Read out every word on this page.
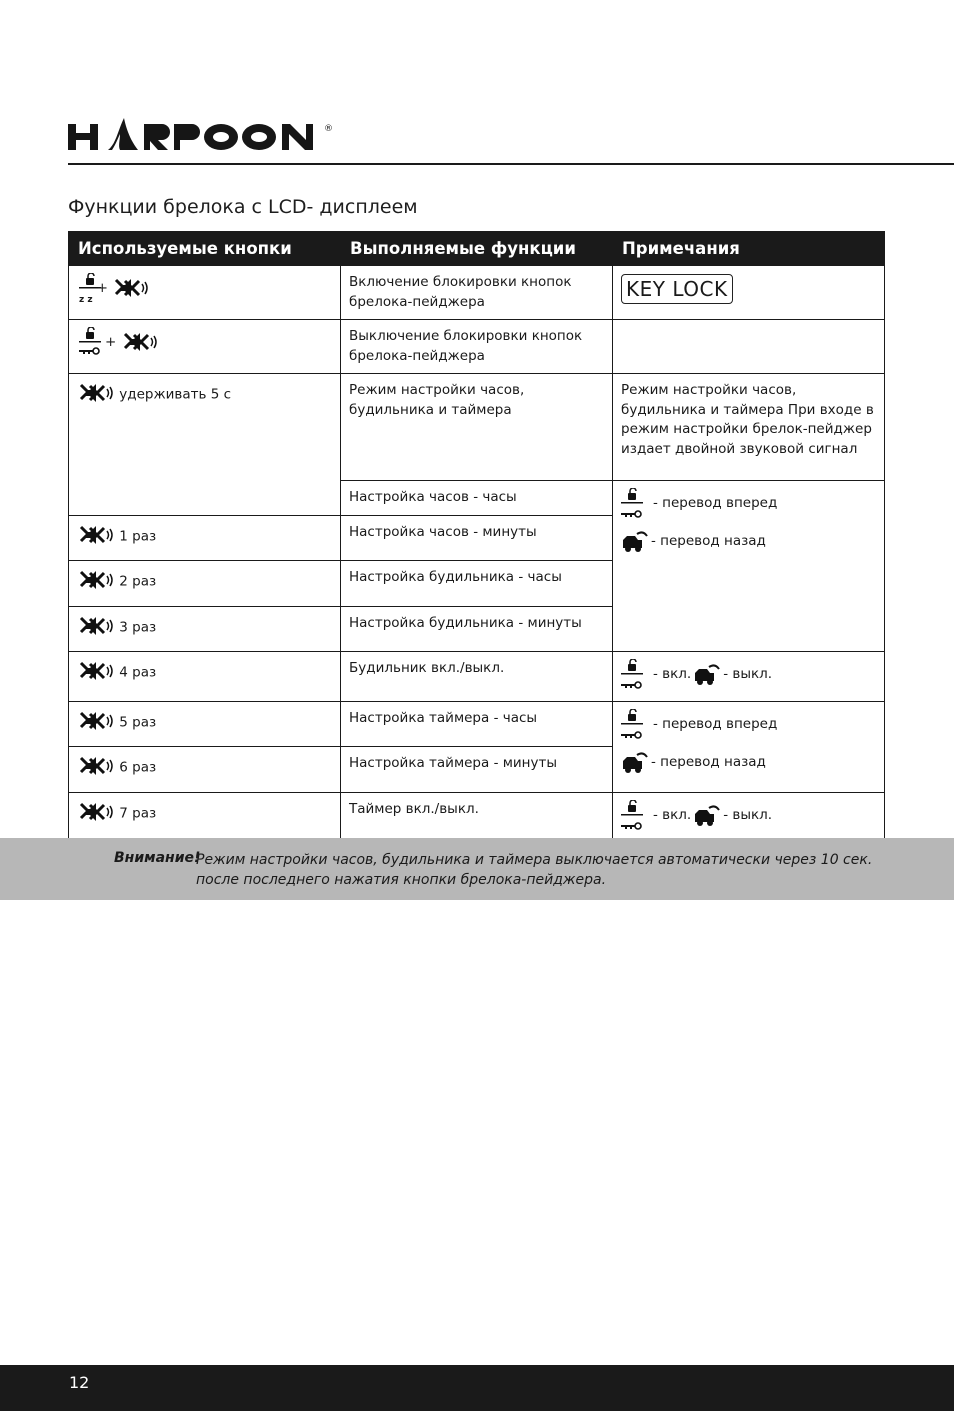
®
Функции брелока с LCD- дисплеем
Используемые кнопки	Выполняемые функции	Примечания
$_{z z}$+	Включение блокировки кнопок брелока-пейджера	KEY LOCK
+	Выключение блокировки кнопок брелока-пейджера	
удерживать 5 с	Режим настройки часов, будильника и таймера	Режим настройки часов, будильника и таймера При входе в режим настройки брелок-пейджер издает двойной звуковой сигнал
	Настройка часов - часы	- перевод вперед
- перевод назад

1 раз	Настройка часов - минуты	
2 раз	Настройка будильника - часы	
3 раз	Настройка будильника - минуты	
4 раз	Будильник вкл./выкл.	- вкл. - выкл.

5 раз	Настройка таймера - часы	- перевод вперед
- перевод назад

6 раз	Настройка таймера - минуты	
7 раз	Таймер вкл./выкл.	- вкл. - выкл.
Внимание!
Режим настройки часов, будильника и таймера выключается автоматически через 10 сек. после последнего нажатия кнопки брелока-пейджера.
12
